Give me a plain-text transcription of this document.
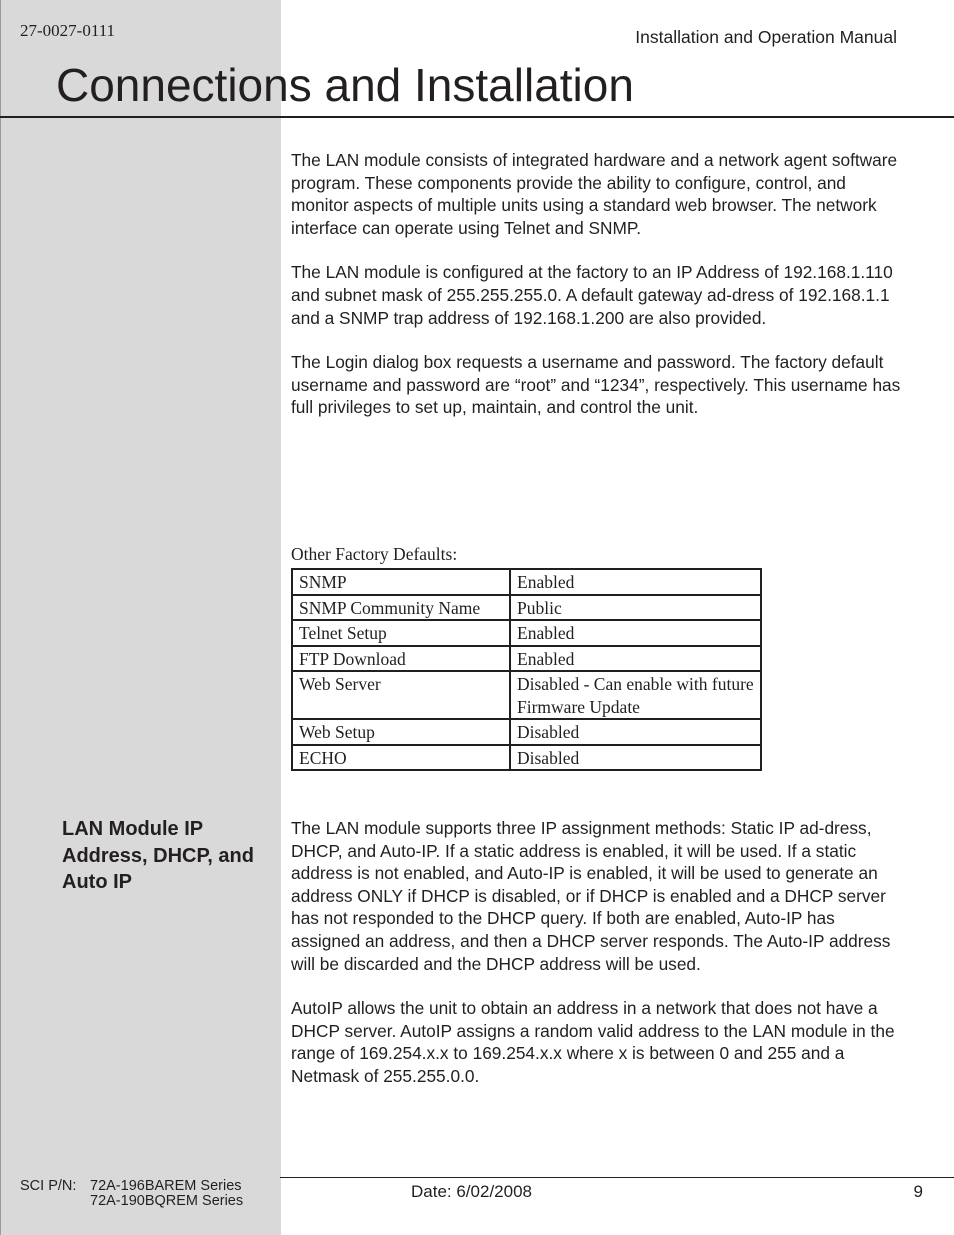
27-0027-0111	Installation and Operation Manual
Connections and Installation

The LAN module consists of integrated hardware and a network agent software program. These components provide the ability to configure, control, and monitor aspects of multiple units using a standard web browser. The network interface can operate using Telnet and SNMP.

The LAN module is configured at the factory to an IP Address of 192.168.1.110 and subnet mask of 255.255.255.0. A default gateway ad-dress of 192.168.1.1 and a SNMP trap address of 192.168.1.200 are also provided.

The Login dialog box requests a username and password. The factory default username and password are “root” and “1234”, respectively. This username has full privileges to set up, maintain, and control the unit.

Other Factory Defaults:
SNMP	Enabled
SNMP Community Name	Public
Telnet Setup	Enabled
FTP Download	Enabled
Web Server	Disabled - Can enable with future Firmware Update
Web Setup	Disabled
ECHO	Disabled
LAN Module IP Address, DHCP, and Auto IP

The LAN module supports three IP assignment methods: Static IP ad-dress, DHCP, and Auto-IP. If a static address is enabled, it will be used. If a static address is not enabled, and Auto-IP is enabled, it will be used to generate an address ONLY if DHCP is disabled, or if DHCP is enabled and a DHCP server has not responded to the DHCP query. If both are enabled, Auto-IP has assigned an address, and then a DHCP server responds. The Auto-IP address will be discarded and the DHCP address will be used.

AutoIP allows the unit to obtain an address in a network that does not have a DHCP server. AutoIP assigns a random valid address to the LAN module in the range of 169.254.x.x to 169.254.x.x where x is between 0 and 255 and a Netmask of 255.255.0.0.

SCI P/N: 72A-196BAREM Series
72A-190BQREM Series	Date: 6/02/2008	9
